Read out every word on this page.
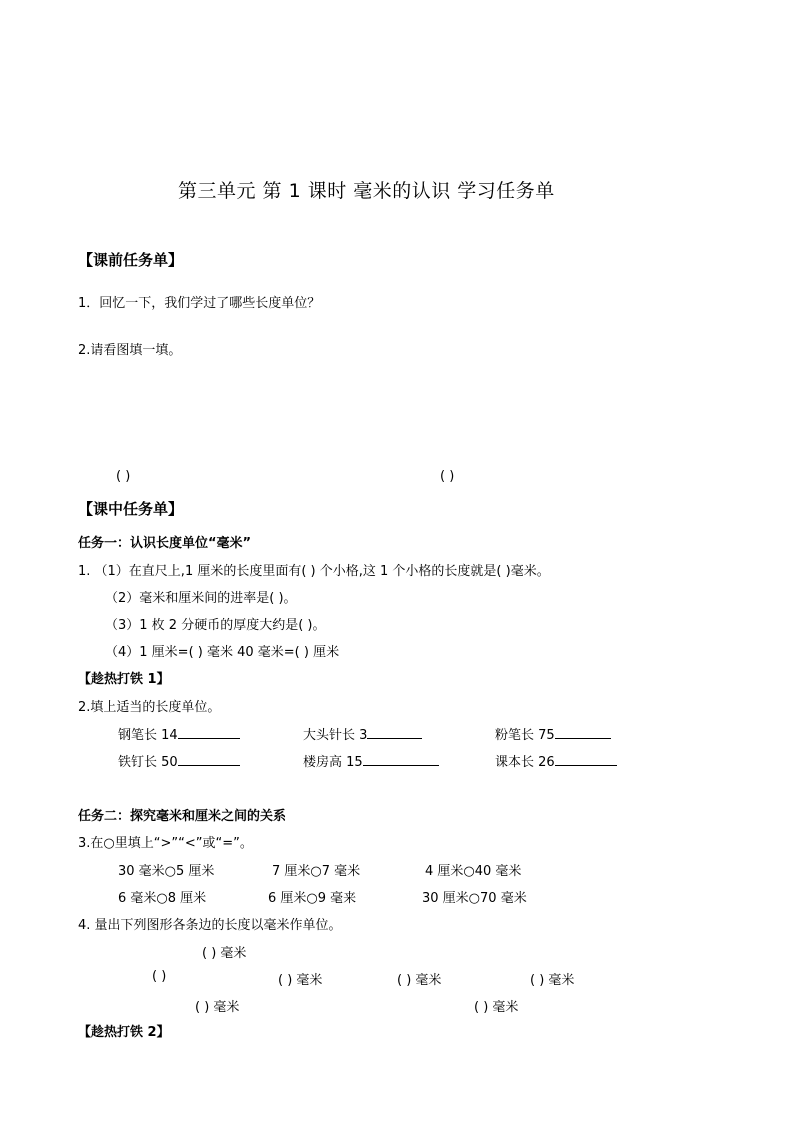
第三单元 第 1 课时 毫米的认识 学习任务单
【课前任务单】
1．回忆一下，我们学过了哪些长度单位？
2.请看图填一填。
( )	( )
【课中任务单】
任务一：认识长度单位“毫米”
1. （1）在直尺上,1 厘米的长度里面有( ) 个小格,这 1 个小格的长度就是( )毫米。
（2）毫米和厘米间的进率是( )。
（3）1 枚 2 分硬币的厚度大约是( )。
（4）1 厘米=( ) 毫米 40 毫米=( ) 厘米
【趁热打铁 1】
2.填上适当的长度单位。
钢笔长 14	大头针长 3	粉笔长 75
铁钉长 50	楼房高 15	课本长 26
任务二：探究毫米和厘米之间的关系
3.在○里填上“>”“<”或“=”。
30 毫米○5 厘米	7 厘米○7 毫米	4 厘米○40 毫米
6 毫米○8 厘米	6 厘米○9 毫来	30 厘米○70 毫米
4. 量出下列图形各条边的长度以毫米作单位。
( ) 毫米
( )	( ) 毫米	( ) 毫米	( ) 毫米
( ) 毫米	( ) 毫米
【趁热打铁 2】
